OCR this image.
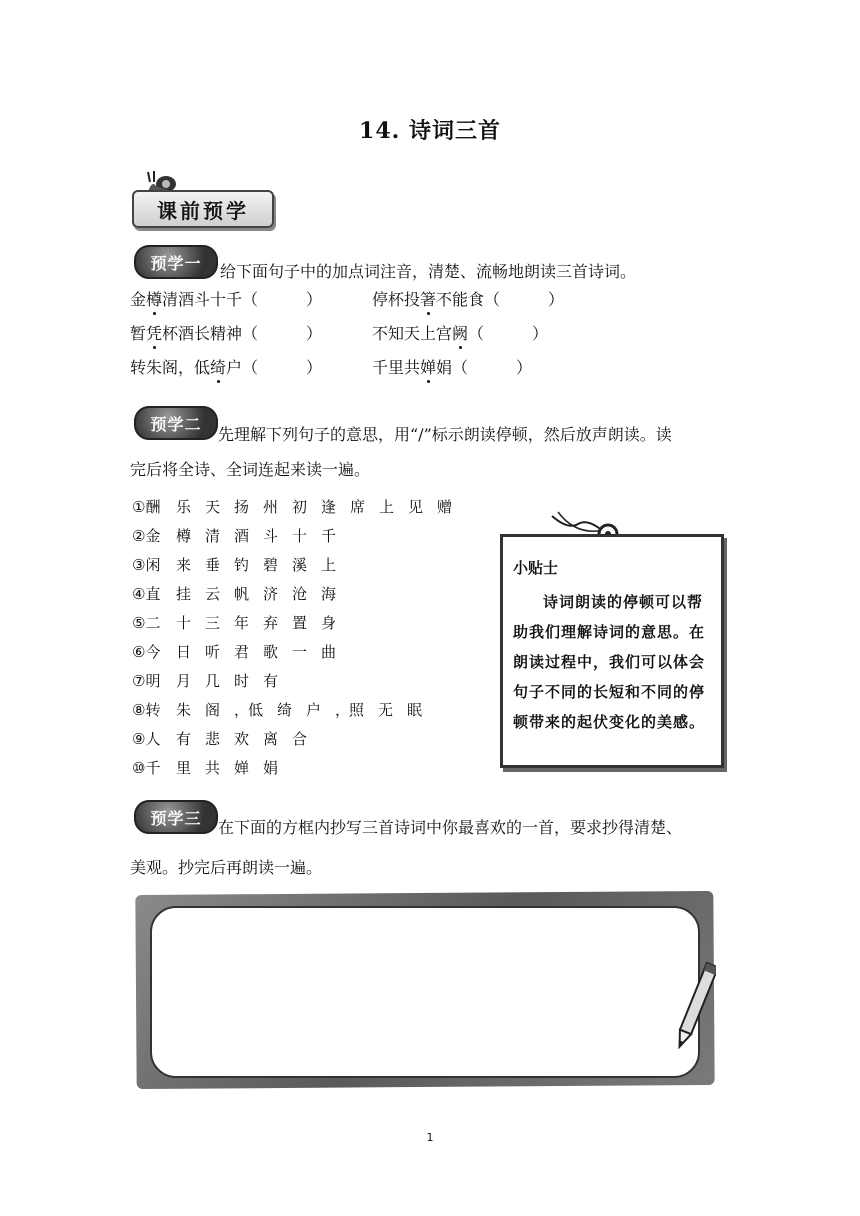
14. 诗词三首
课前预学
预学一	给下面句子中的加点词注音，清楚、流畅地朗读三首诗词。
金樽清酒斗十千（　　　）	停杯投箸不能食（　　　）
暂凭杯酒长精神（　　　）	不知天上宫阙（　　　）
转朱阁，低绮户（　　　）	千里共婵娟（　　　）
预学二
先理解下列句子的意思，用“/”标示朗读停顿，然后放声朗读。读
完后将全诗、全词连起来读一遍。
①酬	乐 天 扬 州 初 逢 席 上 见 赠
②金	樽 清 酒 斗 十 千
③闲	来 垂 钓 碧 溪 上
④直	挂 云 帆 济 沧 海
⑤二	十 三 年 弃 置 身
⑥今	日 听 君 歌 一 曲
⑦明	月 几 时 有
⑧转	朱 阁 ，
低 绮 户 ，
照 无 眠
⑨人	有 悲 欢 离 合
⑩千	里 共 婵 娟
小贴士
诗词朗读的停顿可以帮助我们理解诗词的意思。在朗读过程中，我们可以体会句子不同的长短和不同的停顿带来的起伏变化的美感。
预学三	在下面的方框内抄写三首诗词中你最喜欢的一首，要求抄得清楚、
美观。抄完后再朗读一遍。
1
